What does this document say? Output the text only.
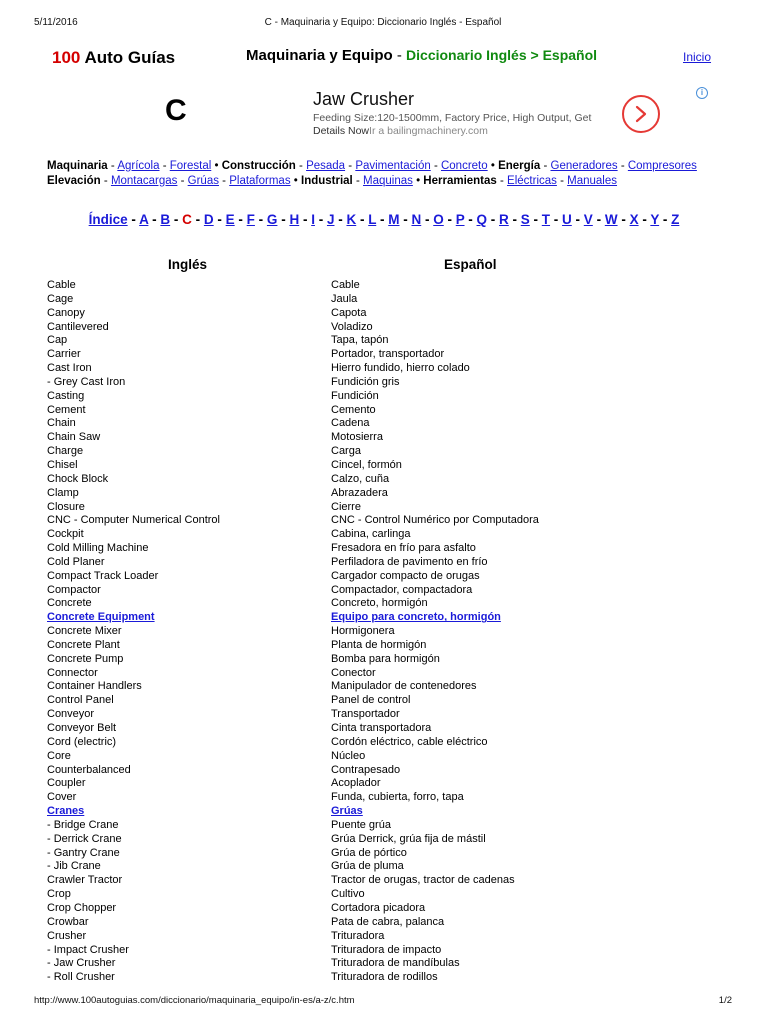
5/11/2016	C - Maquinaria y Equipo: Diccionario Inglés - Español
100 Auto Guías	Maquinaria y Equipo - Diccionario Inglés > Español	Inicio
C	Jaw Crusher
Feeding Size:120-1500mm, Factory Price, High Output, Get Details NowIr a bailingmachinery.com
i
Maquinaria - Agrícola - Forestal • Construcción - Pesada - Pavimentación - Concreto • Energía - Generadores - Compresores
Elevación - Montacargas - Grúas - Plataformas • Industrial - Maquinas • Herramientas - Eléctricas - Manuales
Índice - A - B - C - D - E - F - G - H - I - J - K - L - M - N - O - P - Q - R - S - T - U - V - W - X - Y - Z
Inglés	Español
Cable	Cable
Cage	Jaula
Canopy	Capota
Cantilevered	Voladizo
Cap	Tapa, tapón
Carrier	Portador, transportador
Cast Iron	Hierro fundido, hierro colado
- Grey Cast Iron	Fundición gris
Casting	Fundición
Cement	Cemento
Chain	Cadena
Chain Saw	Motosierra
Charge	Carga
Chisel	Cincel, formón
Chock Block	Calzo, cuña
Clamp	Abrazadera
Closure	Cierre
CNC - Computer Numerical Control	CNC - Control Numérico por Computadora
Cockpit	Cabina, carlinga
Cold Milling Machine	Fresadora en frío para asfalto
Cold Planer	Perfiladora de pavimento en frío
Compact Track Loader	Cargador compacto de orugas
Compactor	Compactador, compactadora
Concrete	Concreto, hormigón
Concrete Equipment	Equipo para concreto, hormigón
Concrete Mixer	Hormigonera
Concrete Plant	Planta de hormigón
Concrete Pump	Bomba para hormigón
Connector	Conector
Container Handlers	Manipulador de contenedores
Control Panel	Panel de control
Conveyor	Transportador
Conveyor Belt	Cinta transportadora
Cord (electric)	Cordón eléctrico, cable eléctrico
Core	Núcleo
Counterbalanced	Contrapesado
Coupler	Acoplador
Cover	Funda, cubierta, forro, tapa
Cranes	Grúas
- Bridge Crane	Puente grúa
- Derrick Crane	Grúa Derrick, grúa fija de mástil
- Gantry Crane	Grúa de pórtico
- Jib Crane	Grúa de pluma
Crawler Tractor	Tractor de orugas, tractor de cadenas
Crop	Cultivo
Crop Chopper	Cortadora picadora
Crowbar	Pata de cabra, palanca
Crusher	Trituradora
- Impact Crusher	Trituradora de impacto
- Jaw Crusher	Trituradora de mandíbulas
- Roll Crusher	Trituradora de rodillos
http://www.100autoguias.com/diccionario/maquinaria_equipo/in-es/a-z/c.htm	1/2
